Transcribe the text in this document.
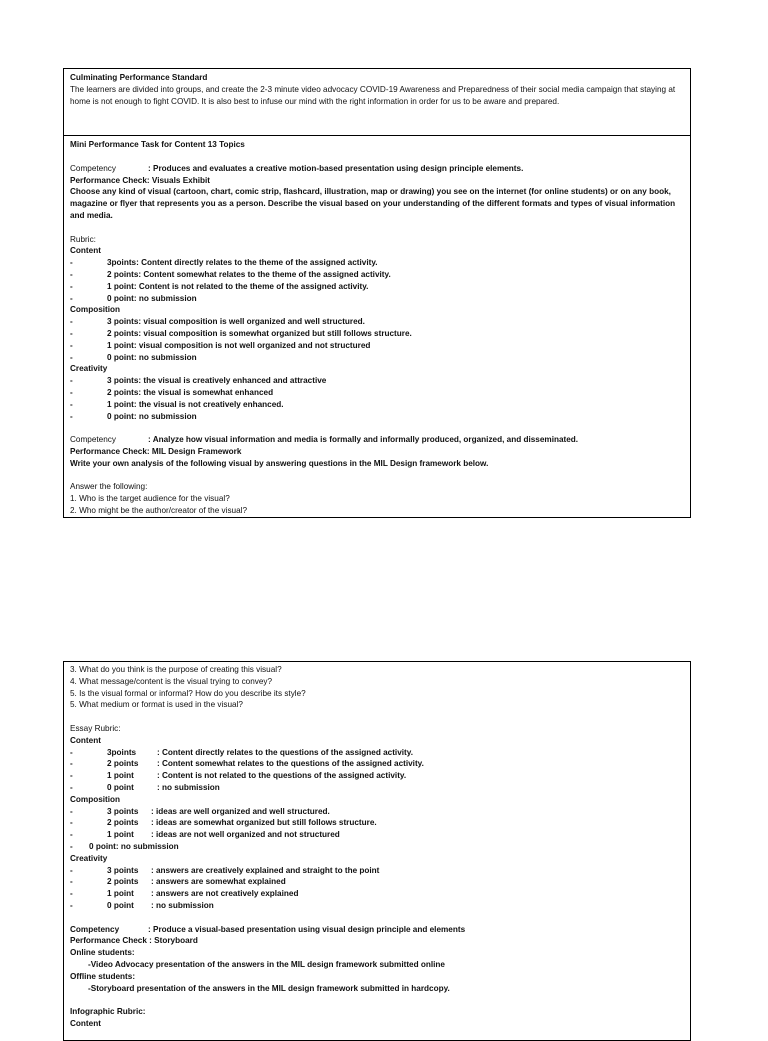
Culminating Performance Standard
The learners are divided into groups, and create the 2-3 minute video advocacy COVID-19 Awareness and Preparedness of their social media campaign that staying at home is not enough to fight COVID. It is also best to infuse our mind with the right information in order for us to be aware and prepared.
Mini Performance Task for Content 13 Topics
Competency	: Produces and evaluates a creative motion-based presentation using design principle elements.
Performance Check: Visuals Exhibit
Choose any kind of visual (cartoon, chart, comic strip, flashcard, illustration, map or drawing) you see on the internet (for online students) or on any book, magazine or flyer that represents you as a person. Describe the visual based on your understanding of the different formats and types of visual information and media.
Rubric:
Content
-	3points: Content directly relates to the theme of the assigned activity.
-	2 points: Content somewhat relates to the theme of the assigned activity.
-	1 point: Content is not related to the theme of the assigned activity.
-	0 point: no submission
Composition
-	3 points: visual composition is well organized and well structured.
-	2 points: visual composition is somewhat organized but still follows structure.
-	1 point: visual composition is not well organized and not structured
-	0 point: no submission
Creativity
-	3 points: the visual is creatively enhanced and attractive
-	2 points: the visual is somewhat enhanced
-	1 point: the visual is not creatively enhanced.
-	0 point: no submission
Competency	: Analyze how visual information and media is formally and informally produced, organized, and disseminated.
Performance Check: MIL Design Framework
Write your own analysis of the following visual by answering questions in the MIL Design framework below.
Answer the following:
1. Who is the target audience for the visual?
2. Who might be the author/creator of the visual?
3. What do you think is the purpose of creating this visual?
4. What message/content is the visual trying to convey?
5. Is the visual formal or informal? How do you describe its style?
5. What medium or format is used in the visual?
Essay Rubric:
Content
-	3points	: Content directly relates to the questions of the assigned activity.
-	2 points	: Content somewhat relates to the questions of the assigned activity.
-	1 point	: Content is not related to the questions of the assigned activity.
-	0 point	: no submission
Composition
-	3 points	: ideas are well organized and well structured.
-	2 points	: ideas are somewhat organized but still follows structure.
-	1 point	: ideas are not well organized and not structured
-	0 point: no submission
Creativity
-	3 points	: answers are creatively explained and straight to the point
-	2 points	: answers are somewhat explained
-	1 point	: answers are not creatively explained
-	0 point	: no submission
Competency	: Produce a visual-based presentation using visual design principle and elements
Performance Check : Storyboard
Online students:
-Video Advocacy presentation of the answers in the MIL design framework submitted online
Offline students:
-Storyboard presentation of the answers in the MIL design framework submitted in hardcopy.
Infographic Rubric:
Content
